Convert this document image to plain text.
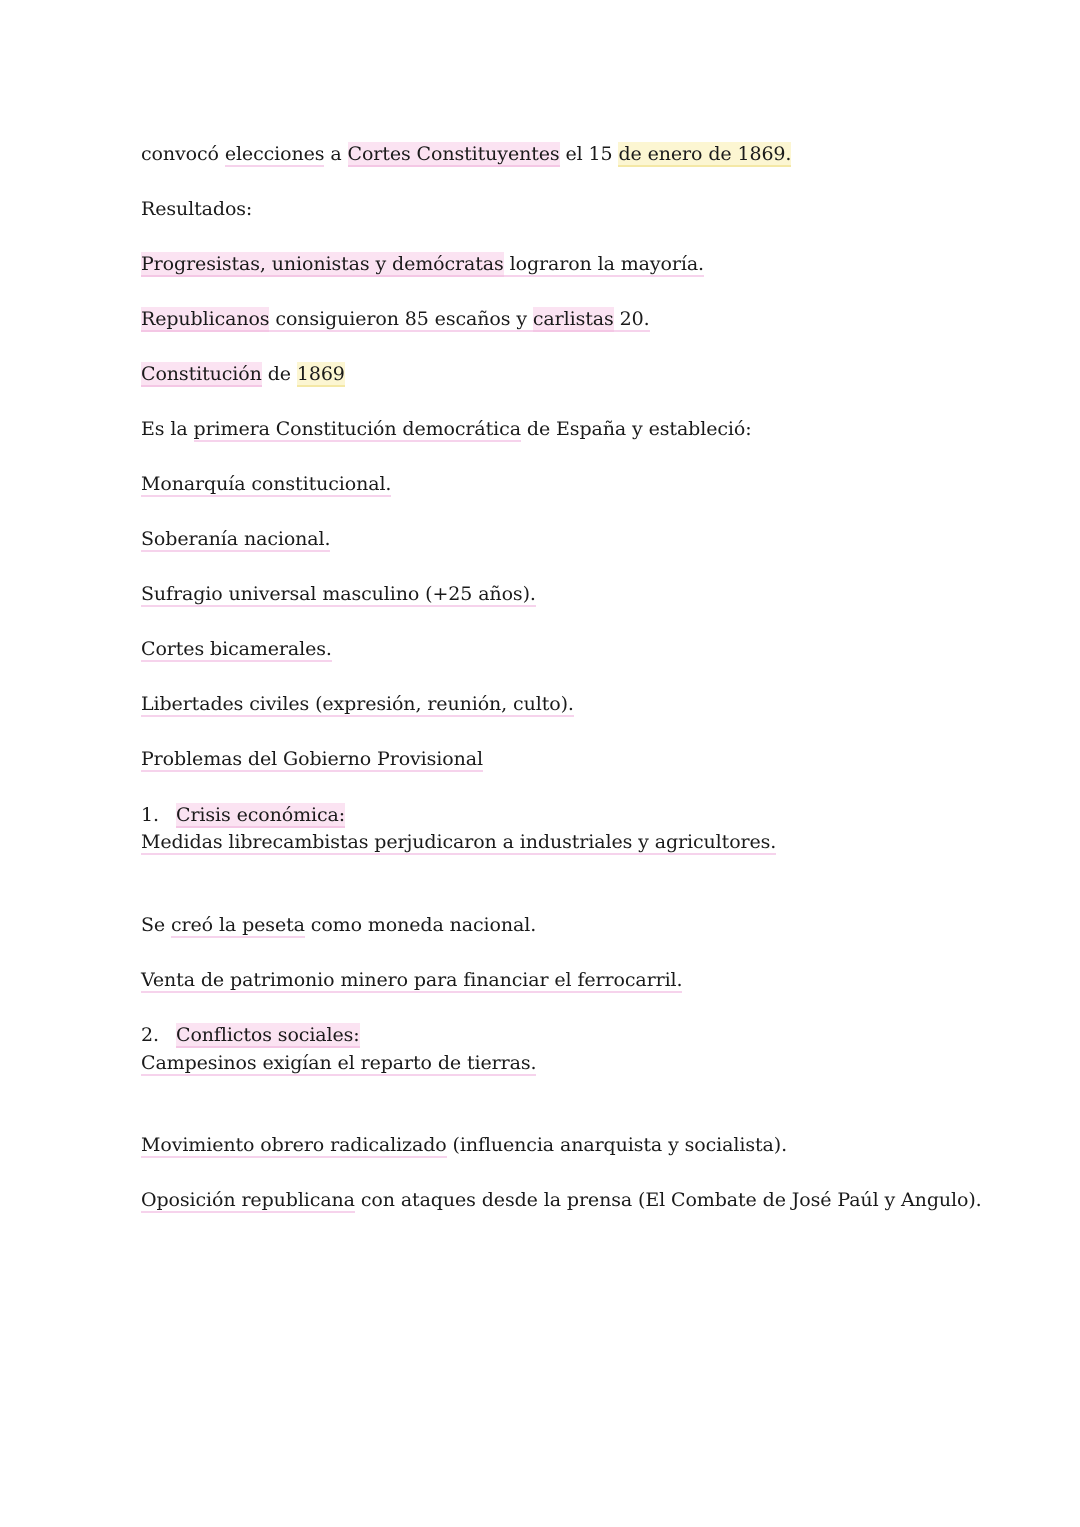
convocó elecciones a Cortes Constituyentes el 15 de enero de 1869.
Resultados:
Progresistas, unionistas y demócratas lograron la mayoría.
Republicanos consiguieron 85 escaños y carlistas 20.
Constitución de 1869
Es la primera Constitución democrática de España y estableció:
Monarquía constitucional.
Soberanía nacional.
Sufragio universal masculino (+25 años).
Cortes bicamerales.
Libertades civiles (expresión, reunión, culto).
Problemas del Gobierno Provisional
1. Crisis económica:
Medidas librecambistas perjudicaron a industriales y agricultores.
Se creó la peseta como moneda nacional.
Venta de patrimonio minero para financiar el ferrocarril.
2. Conflictos sociales:
Campesinos exigían el reparto de tierras.
Movimiento obrero radicalizado (influencia anarquista y socialista).
Oposición republicana con ataques desde la prensa (El Combate de José Paúl y Angulo).
